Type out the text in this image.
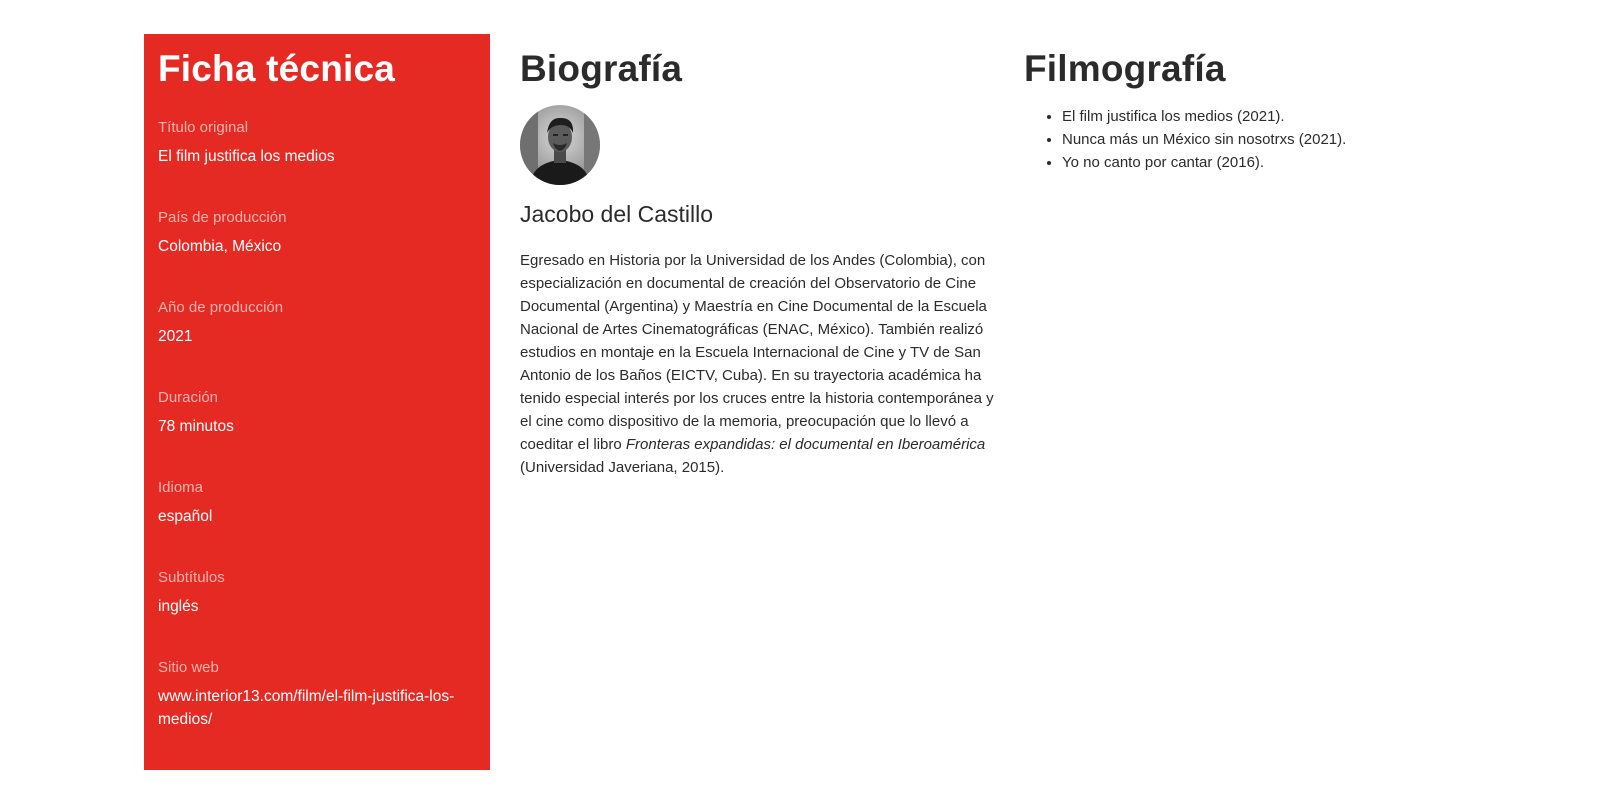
Ficha técnica

Título original

El film justifica los medios

País de producción

Colombia, México

Año de producción

2021

Duración

78 minutos

Idioma

español

Subtítulos

inglés

Sitio web

www.interior13.com/film/el-film-justifica-los-medios/

Biografía
Jacobo del Castillo

Egresado en Historia por la Universidad de los Andes (Colombia), con especialización en documental de creación del Observatorio de Cine Documental (Argentina) y Maestría en Cine Documental de la Escuela Nacional de Artes Cinematográficas (ENAC, México). También realizó estudios en montaje en la Escuela Internacional de Cine y TV de San Antonio de los Baños (EICTV, Cuba). En su trayectoria académica ha tenido especial interés por los cruces entre la historia contemporánea y el cine como dispositivo de la memoria, preocupación que lo llevó a coeditar el libro Fronteras expandidas: el documental en Iberoamérica (Universidad Javeriana, 2015).

Filmografía
• El film justifica los medios (2021).
• Nunca más un México sin nosotrxs (2021).
• Yo no canto por cantar (2016).
